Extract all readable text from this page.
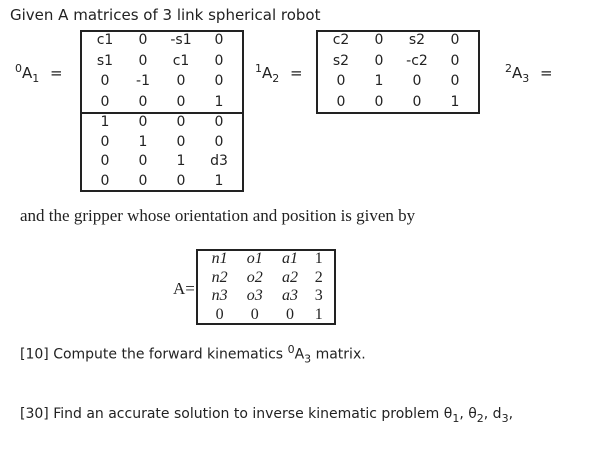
Given A matrices of 3 link spherical robot
$^0A_1$ =
c1	0	-s1	0
s1	0	c1	0
0	-1	0	0
0	0	0	1
$^1A_2$ =
c2	0	s2	0
s2	0	-c2	0
0	1	0	0
0	0	0	1
$^2A_3$ =
1	0	0	0
0	1	0	0
0	0	1	d3
0	0	0	1
and the gripper whose orientation and position is given by
A=
n1	o1	a1	1
n2	o2	a2	2
n3	o3	a3	3
0	0	0	1
[10] Compute the forward kinematics $^0A_3$ matrix.
[30] Find an accurate solution to inverse kinematic problem $\theta_1$, $\theta_2$, $d_3$,
